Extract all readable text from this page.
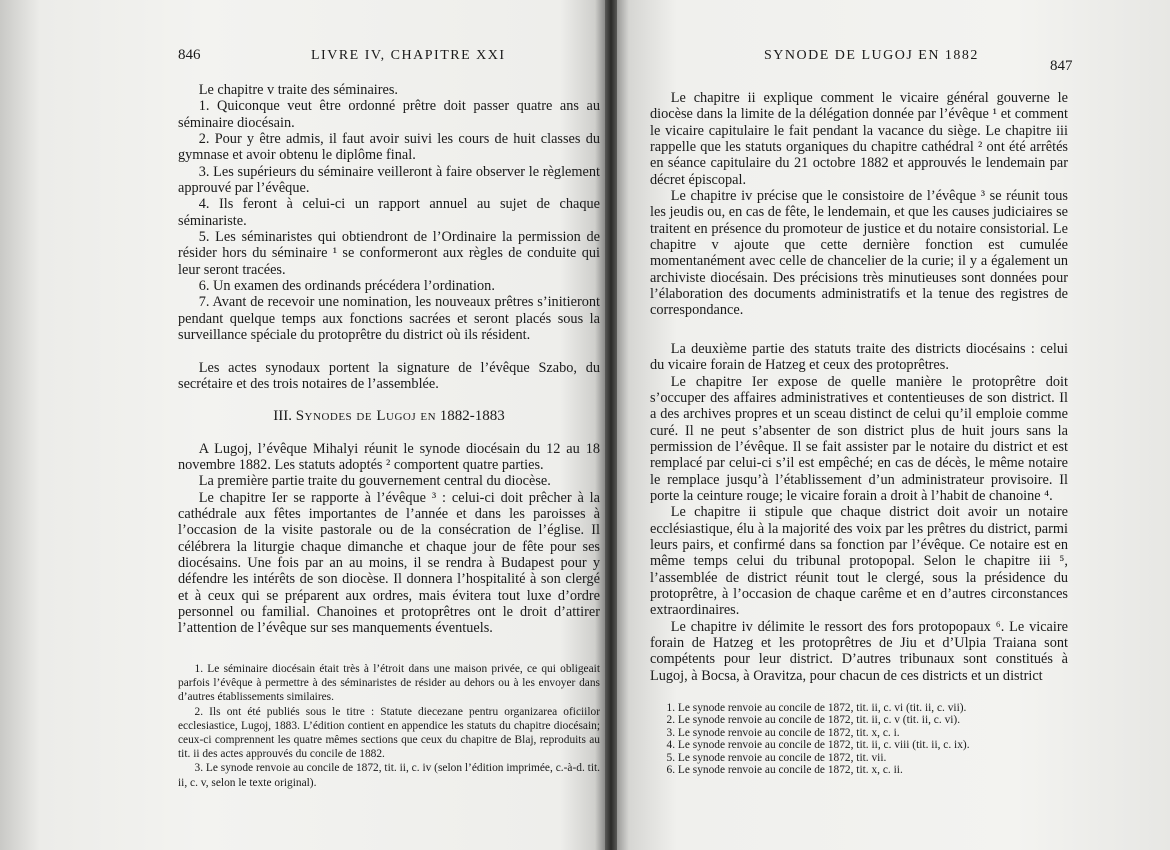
846	LIVRE IV, CHAPITRE XXI

Le chapitre v traite des séminaires.

1. Quiconque veut être ordonné prêtre doit passer quatre ans au séminaire diocésain.

2. Pour y être admis, il faut avoir suivi les cours de huit classes du gymnase et avoir obtenu le diplôme final.

3. Les supérieurs du séminaire veilleront à faire observer le règlement approuvé par l’évêque.

4. Ils feront à celui-ci un rapport annuel au sujet de chaque séminariste.

5. Les séminaristes qui obtiendront de l’Ordinaire la permission de résider hors du séminaire ¹ se conformeront aux règles de conduite qui leur seront tracées.

6. Un examen des ordinands précédera l’ordination.

7. Avant de recevoir une nomination, les nouveaux prêtres s’initieront pendant quelque temps aux fonctions sacrées et seront placés sous la surveillance spéciale du protoprêtre du district où ils résident.

Les actes synodaux portent la signature de l’évêque Szabo, du secrétaire et des trois notaires de l’assemblée.

III. Synodes de Lugoj en 1882-1883

A Lugoj, l’évêque Mihalyi réunit le synode diocésain du 12 au 18 novembre 1882. Les statuts adoptés ² comportent quatre parties.

La première partie traite du gouvernement central du diocèse.

Le chapitre Ier se rapporte à l’évêque ³ : celui-ci doit prêcher à la cathédrale aux fêtes importantes de l’année et dans les paroisses à l’occasion de la visite pastorale ou de la consécration de l’église. Il célébrera la liturgie chaque dimanche et chaque jour de fête pour ses diocésains. Une fois par an au moins, il se rendra à Budapest pour y défendre les intérêts de son diocèse. Il donnera l’hospitalité à son clergé et à ceux qui se préparent aux ordres, mais évitera tout luxe d’ordre personnel ou familial. Chanoines et protoprêtres ont le droit d’attirer l’attention de l’évêque sur ses manquements éventuels.

1. Le séminaire diocésain était très à l’étroit dans une maison privée, ce qui obligeait parfois l’évêque à permettre à des séminaristes de résider au dehors ou à les envoyer dans d’autres établissements similaires.

2. Ils ont été publiés sous le titre : Statute diecezane pentru organizarea oficiilor ecclesiastice, Lugoj, 1883. L’édition contient en appendice les statuts du chapitre diocésain; ceux-ci comprennent les quatre mêmes sections que ceux du chapitre de Blaj, reproduits au tit. ii des actes approuvés du concile de 1882.

3. Le synode renvoie au concile de 1872, tit. ii, c. iv (selon l’édition imprimée, c.-à-d. tit. ii, c. v, selon le texte original).

SYNODE DE LUGOJ EN 1882
847

Le chapitre ii explique comment le vicaire général gouverne le diocèse dans la limite de la délégation donnée par l’évêque ¹ et comment le vicaire capitulaire le fait pendant la vacance du siège. Le chapitre iii rappelle que les statuts organiques du chapitre cathédral ² ont été arrêtés en séance capitulaire du 21 octobre 1882 et approuvés le lendemain par décret épiscopal.

Le chapitre iv précise que le consistoire de l’évêque ³ se réunit tous les jeudis ou, en cas de fête, le lendemain, et que les causes judiciaires se traitent en présence du promoteur de justice et du notaire consistorial. Le chapitre v ajoute que cette dernière fonction est cumulée momentanément avec celle de chancelier de la curie; il y a également un archiviste diocésain. Des précisions très minutieuses sont données pour l’élaboration des documents administratifs et la tenue des registres de correspondance.

La deuxième partie des statuts traite des districts diocésains : celui du vicaire forain de Hatzeg et ceux des protoprêtres.

Le chapitre Ier expose de quelle manière le protoprêtre doit s’occuper des affaires administratives et contentieuses de son district. Il a des archives propres et un sceau distinct de celui qu’il emploie comme curé. Il ne peut s’absenter de son district plus de huit jours sans la permission de l’évêque. Il se fait assister par le notaire du district et est remplacé par celui-ci s’il est empêché; en cas de décès, le même notaire le remplace jusqu’à l’établissement d’un administrateur provisoire. Il porte la ceinture rouge; le vicaire forain a droit à l’habit de chanoine ⁴.

Le chapitre ii stipule que chaque district doit avoir un notaire ecclésiastique, élu à la majorité des voix par les prêtres du district, parmi leurs pairs, et confirmé dans sa fonction par l’évêque. Ce notaire est en même temps celui du tribunal protopopal. Selon le chapitre iii ⁵, l’assemblée de district réunit tout le clergé, sous la présidence du protoprêtre, à l’occasion de chaque carême et en d’autres circonstances extraordinaires.

Le chapitre iv délimite le ressort des fors protopopaux ⁶. Le vicaire forain de Hatzeg et les protoprêtres de Jiu et d’Ulpia Traiana sont compétents pour leur district. D’autres tribunaux sont constitués à Lugoj, à Bocsa, à Oravitza, pour chacun de ces districts et un district

1. Le synode renvoie au concile de 1872, tit. ii, c. vi (tit. ii, c. vii).

2. Le synode renvoie au concile de 1872, tit. ii, c. v (tit. ii, c. vi).

3. Le synode renvoie au concile de 1872, tit. x, c. i.

4. Le synode renvoie au concile de 1872, tit. ii, c. viii (tit. ii, c. ix).

5. Le synode renvoie au concile de 1872, tit. vii.

6. Le synode renvoie au concile de 1872, tit. x, c. ii.
